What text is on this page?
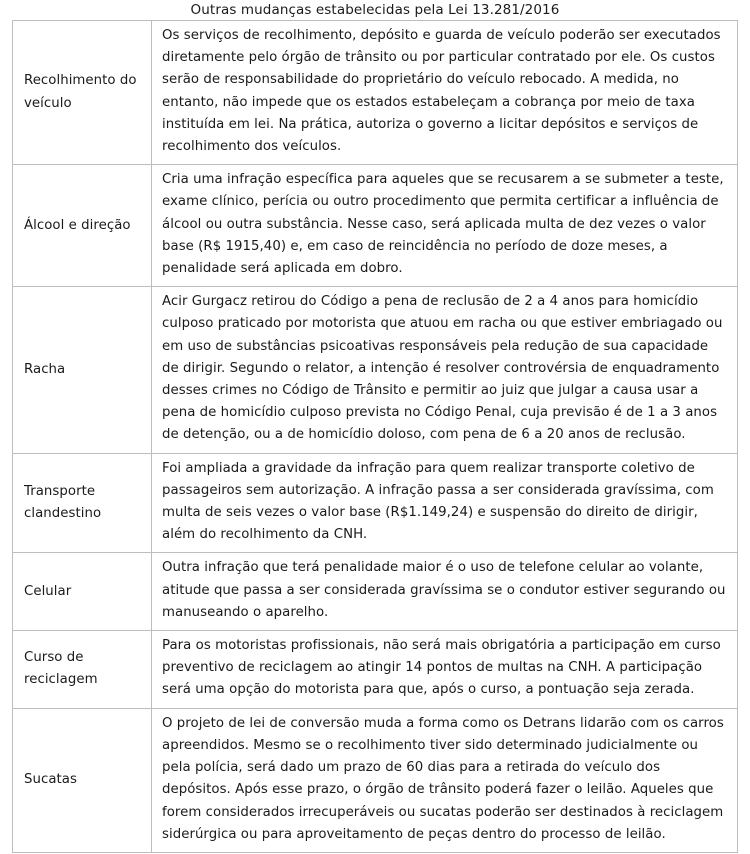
Outras mudanças estabelecidas pela Lei 13.281/2016
Recolhimento do veículo	Os serviços de recolhimento, depósito e guarda de veículo poderão ser executados diretamente pelo órgão de trânsito ou por particular contratado por ele. Os custos serão de responsabilidade do proprietário do veículo rebocado. A medida, no entanto, não impede que os estados estabeleçam a cobrança por meio de taxa instituída em lei. Na prática, autoriza o governo a licitar depósitos e serviços de recolhimento dos veículos.
Álcool e direção	Cria uma infração específica para aqueles que se recusarem a se submeter a teste, exame clínico, perícia ou outro procedimento que permita certificar a influência de álcool ou outra substância. Nesse caso, será aplicada multa de dez vezes o valor base (R$ 1915,40) e, em caso de reincidência no período de doze meses, a penalidade será aplicada em dobro.
Racha	Acir Gurgacz retirou do Código a pena de reclusão de 2 a 4 anos para homicídio culposo praticado por motorista que atuou em racha ou que estiver embriagado ou em uso de substâncias psicoativas responsáveis pela redução de sua capacidade de dirigir. Segundo o relator, a intenção é resolver controvérsia de enquadramento desses crimes no Código de Trânsito e permitir ao juiz que julgar a causa usar a pena de homicídio culposo prevista no Código Penal, cuja previsão é de 1 a 3 anos de detenção, ou a de homicídio doloso, com pena de 6 a 20 anos de reclusão.
Transporte clandestino	Foi ampliada a gravidade da infração para quem realizar transporte coletivo de passageiros sem autorização. A infração passa a ser considerada gravíssima, com multa de seis vezes o valor base (R$1.149,24) e suspensão do direito de dirigir, além do recolhimento da CNH.
Celular	Outra infração que terá penalidade maior é o uso de telefone celular ao volante, atitude que passa a ser considerada gravíssima se o condutor estiver segurando ou manuseando o aparelho.
Curso de reciclagem	Para os motoristas profissionais, não será mais obrigatória a participação em curso preventivo de reciclagem ao atingir 14 pontos de multas na CNH. A participação será uma opção do motorista para que, após o curso, a pontuação seja zerada.
Sucatas	O projeto de lei de conversão muda a forma como os Detrans lidarão com os carros apreendidos. Mesmo se o recolhimento tiver sido determinado judicialmente ou pela polícia, será dado um prazo de 60 dias para a retirada do veículo dos depósitos. Após esse prazo, o órgão de trânsito poderá fazer o leilão. Aqueles que forem considerados irrecuperáveis ou sucatas poderão ser destinados à reciclagem siderúrgica ou para aproveitamento de peças dentro do processo de leilão.
